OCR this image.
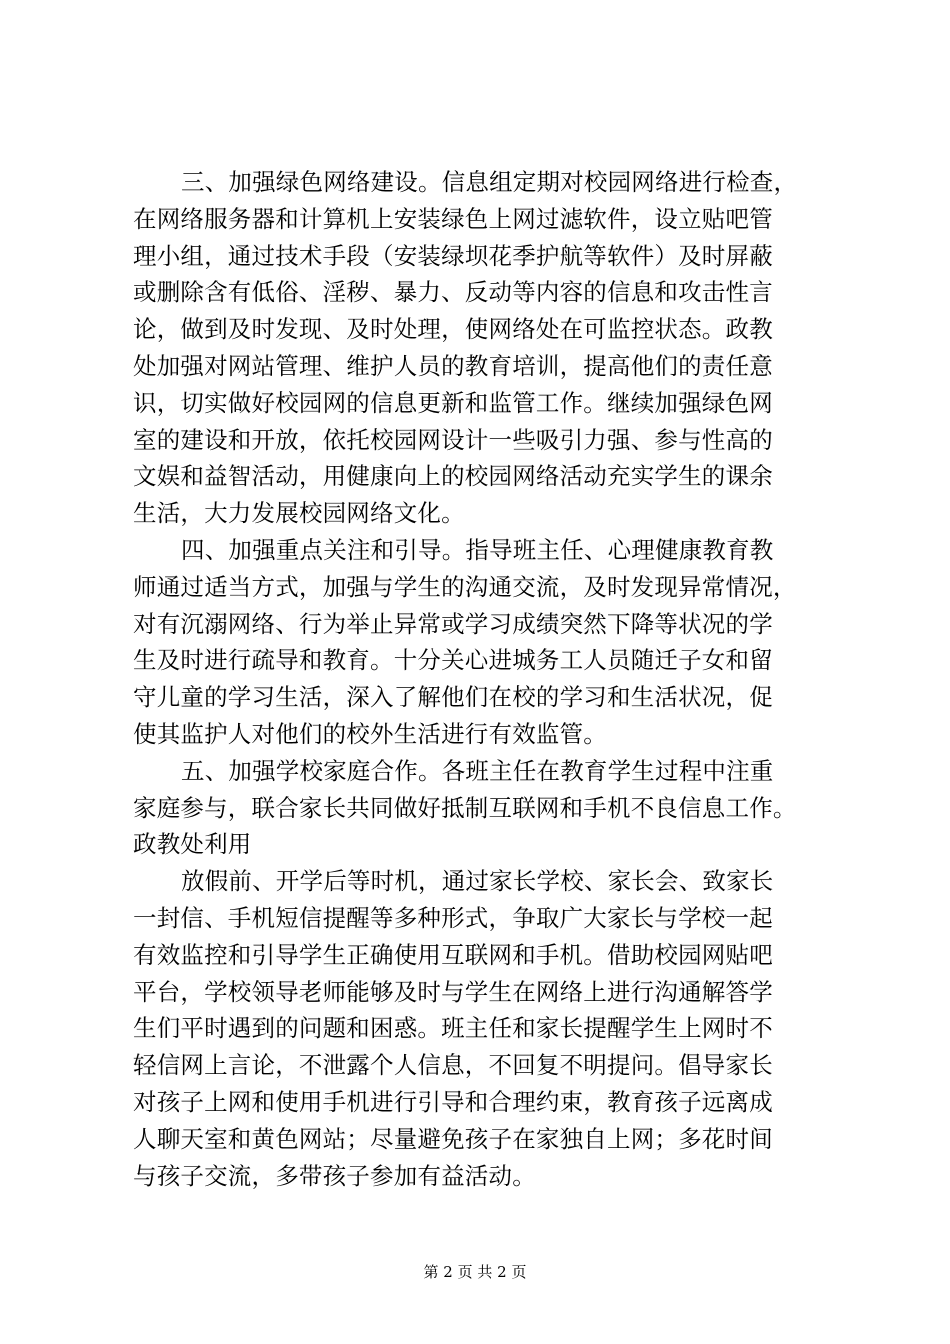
三、加强绿色网络建设。信息组定期对校园网络进行检查，
在网络服务器和计算机上安装绿色上网过滤软件，设立贴吧管
理小组，通过技术手段（安装绿坝花季护航等软件）及时屏蔽
或删除含有低俗、淫秽、暴力、反动等内容的信息和攻击性言
论，做到及时发现、及时处理，使网络处在可监控状态。政教
处加强对网站管理、维护人员的教育培训，提高他们的责任意
识，切实做好校园网的信息更新和监管工作。继续加强绿色网
室的建设和开放，依托校园网设计一些吸引力强、参与性高的
文娱和益智活动，用健康向上的校园网络活动充实学生的课余
生活，大力发展校园网络文化。
四、加强重点关注和引导。指导班主任、心理健康教育教
师通过适当方式，加强与学生的沟通交流，及时发现异常情况，
对有沉溺网络、行为举止异常或学习成绩突然下降等状况的学
生及时进行疏导和教育。十分关心进城务工人员随迁子女和留
守儿童的学习生活，深入了解他们在校的学习和生活状况，促
使其监护人对他们的校外生活进行有效监管。
五、加强学校家庭合作。各班主任在教育学生过程中注重
家庭参与，联合家长共同做好抵制互联网和手机不良信息工作。
政教处利用
放假前、开学后等时机，通过家长学校、家长会、致家长
一封信、手机短信提醒等多种形式，争取广大家长与学校一起
有效监控和引导学生正确使用互联网和手机。借助校园网贴吧
平台，学校领导老师能够及时与学生在网络上进行沟通解答学
生们平时遇到的问题和困惑。班主任和家长提醒学生上网时不
轻信网上言论，不泄露个人信息，不回复不明提问。倡导家长
对孩子上网和使用手机进行引导和合理约束，教育孩子远离成
人聊天室和黄色网站；尽量避免孩子在家独自上网；多花时间
与孩子交流，多带孩子参加有益活动。
第 2 页 共 2 页
